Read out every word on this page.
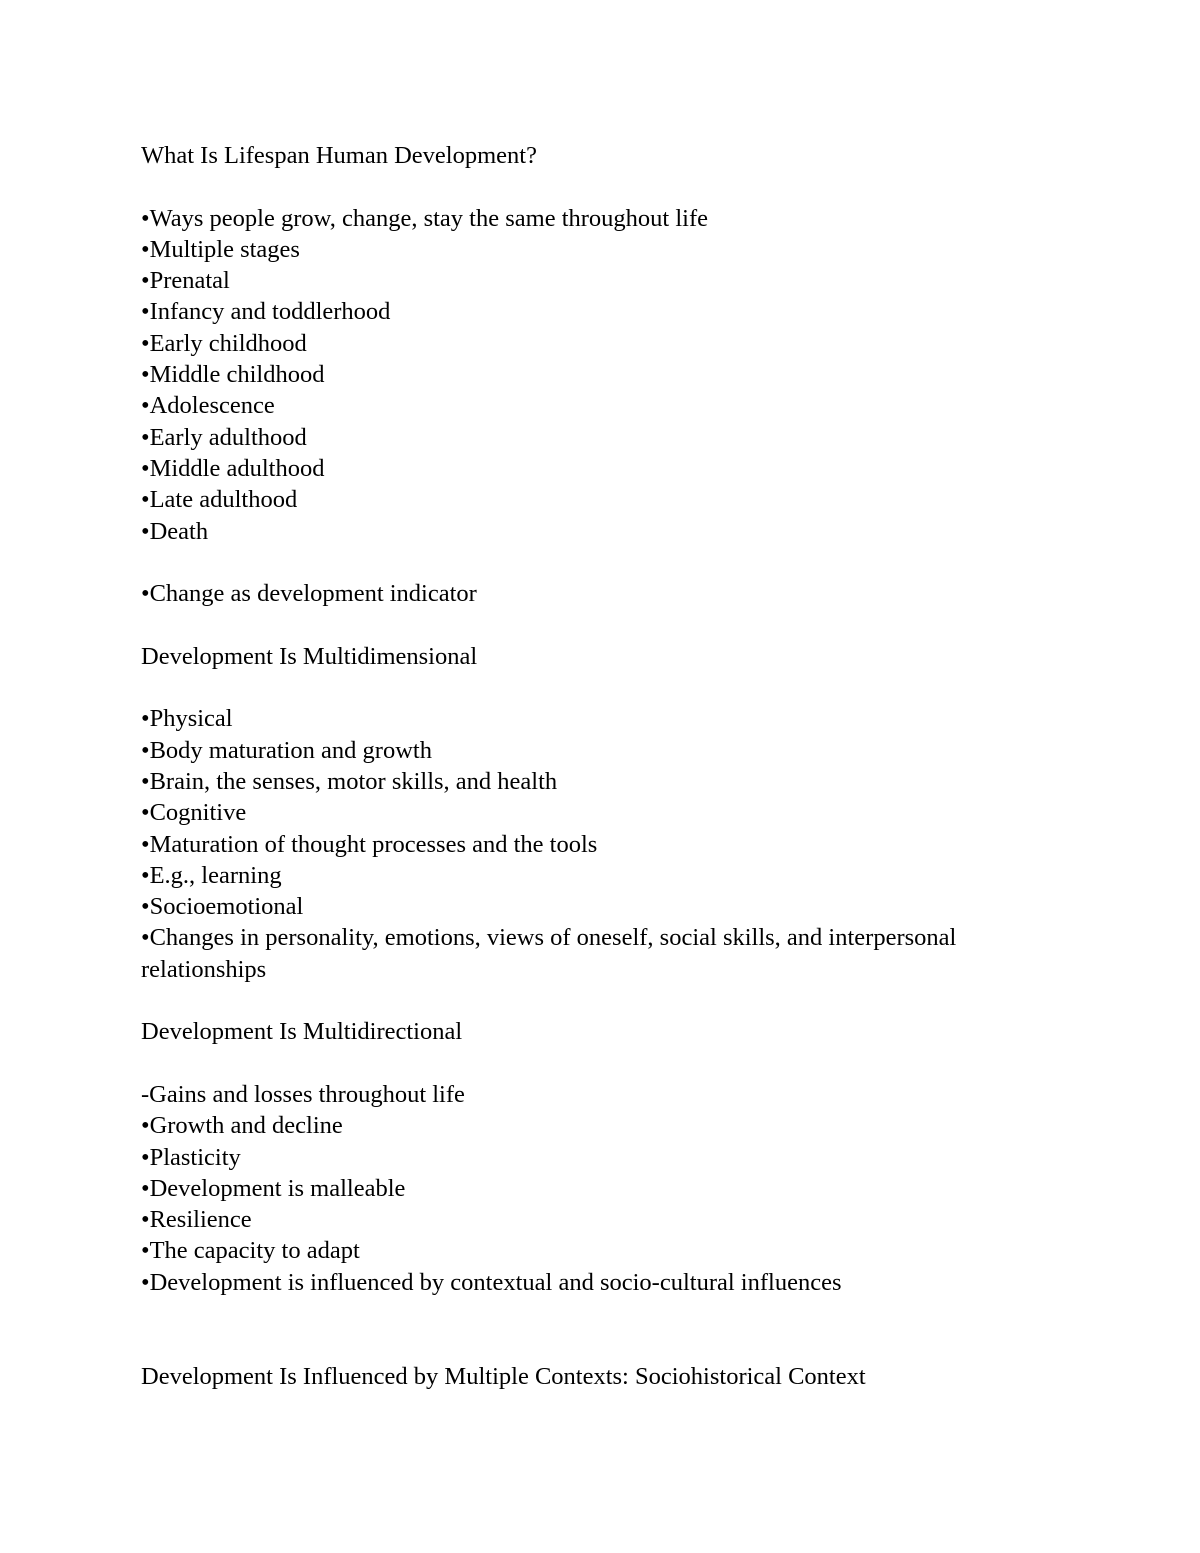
What Is Lifespan Human Development?

•Ways people grow, change, stay the same throughout life

•Multiple stages

•Prenatal

•Infancy and toddlerhood

•Early childhood

•Middle childhood

•Adolescence

•Early adulthood

•Middle adulthood

•Late adulthood

•Death

•Change as development indicator

Development Is Multidimensional

•Physical

•Body maturation and growth

•Brain, the senses, motor skills, and health

•Cognitive

•Maturation of thought processes and the tools

•E.g., learning

•Socioemotional

•Changes in personality, emotions, views of oneself, social skills, and interpersonal relationships

Development Is Multidirectional

-Gains and losses throughout life

•Growth and decline

•Plasticity

•Development is malleable

•Resilience

•The capacity to adapt

•Development is influenced by contextual and socio-cultural influences

Development Is Influenced by Multiple Contexts: Sociohistorical Context
